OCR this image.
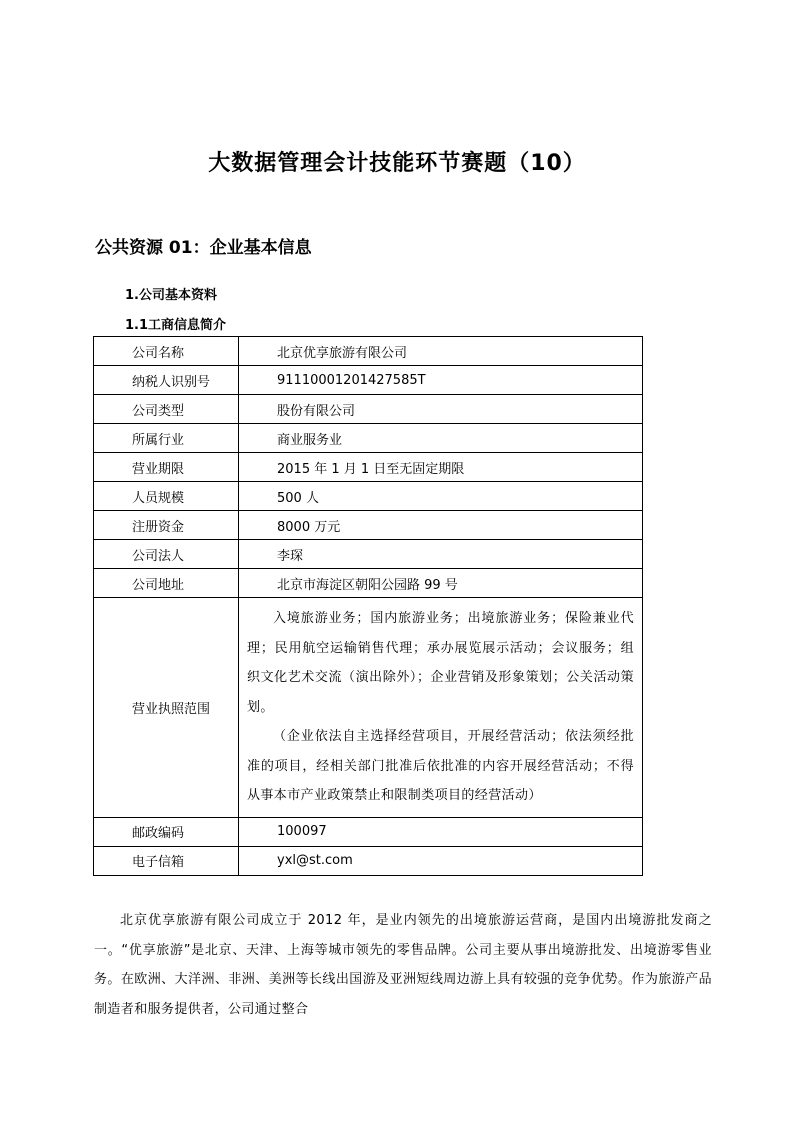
大数据管理会计技能环节赛题（10）
公共资源 01：企业基本信息
1.公司基本资料
1.1工商信息简介
公司名称	北京优享旅游有限公司
纳税人识别号	91110001201427585T
公司类型	股份有限公司
所属行业	商业服务业
营业期限	2015 年 1 月 1 日至无固定期限
人员规模	500 人
注册资金	8000 万元
公司法人	李琛
公司地址	北京市海淀区朝阳公园路 99 号
营业执照范围	入境旅游业务；国内旅游业务；出境旅游业务；保险兼业代理；民用航空运输销售代理；承办展览展示活动；会议服务；组织文化艺术交流（演出除外）；企业营销及形象策划；公关活动策划。

（企业依法自主选择经营项目，开展经营活动；依法须经批准的项目，经相关部门批准后依批准的内容开展经营活动；不得从事本市产业政策禁止和限制类项目的经营活动）

邮政编码	100097
电子信箱	yxl@st.com

北京优享旅游有限公司成立于 2012 年，是业内领先的出境旅游运营商，是国内出境游批发商之一。“优享旅游”是北京、天津、上海等城市领先的零售品牌。公司主要从事出境游批发、出境游零售业务。在欧洲、大洋洲、非洲、美洲等长线出国游及亚洲短线周边游上具有较强的竞争优势。作为旅游产品制造者和服务提供者，公司通过整合
